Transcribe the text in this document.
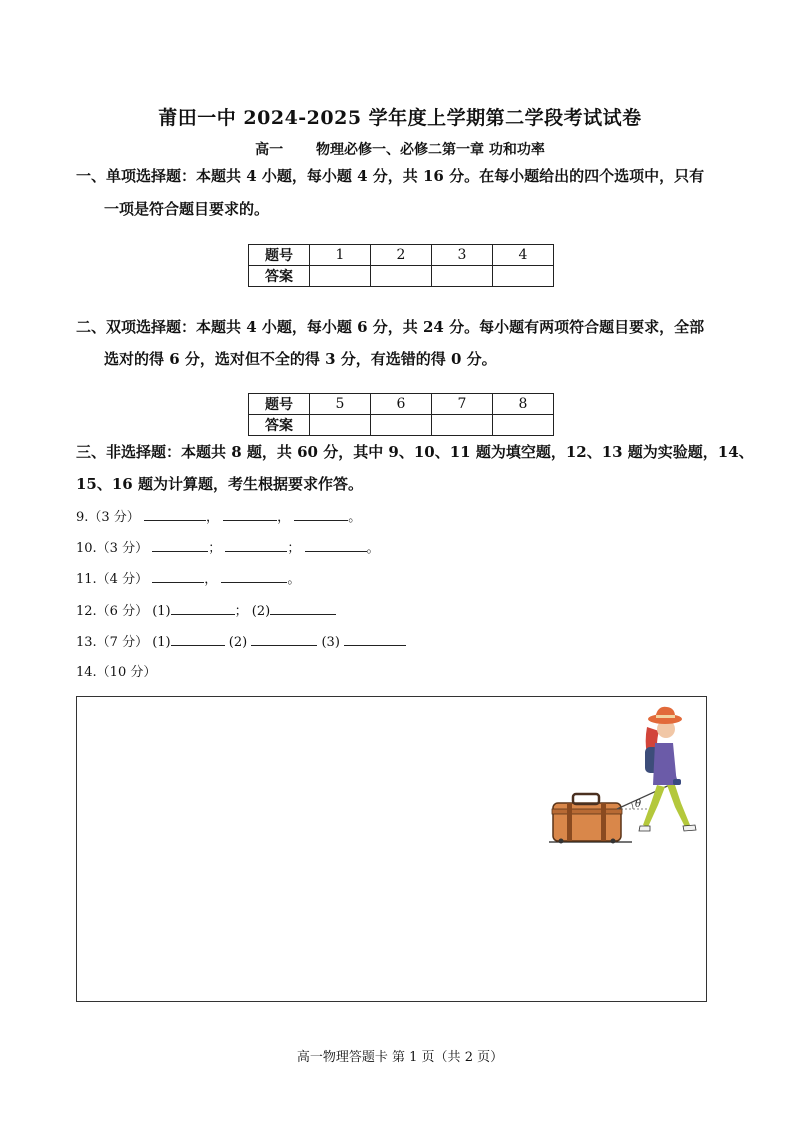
莆田一中 2024-2025 学年度上学期第二学段考试试卷
高一 物理必修一、必修二第一章 功和功率
一、单项选择题：本题共 4 小题，每小题 4 分，共 16 分。在每小题给出的四个选项中，只有
一项是符合题目要求的。
题号	1	2	3	4
答案				
二、双项选择题：本题共 4 小题，每小题 6 分，共 24 分。每小题有两项符合题目要求，全部
选对的得 6 分，选对但不全的得 3 分，有选错的得 0 分。
题号	5	6	7	8
答案				
三、非选择题：本题共 8 题，共 60 分，其中 9、10、11 题为填空题，12、13 题为实验题，14、
15、16 题为计算题，考生根据要求作答。
9.（3 分）	，	，	。
10.（3 分）	；	；	。
11.（4 分）	，	。
12.（6 分） (1)	； (2)
13.（7 分） (1)	(2)	(3)
14.（10 分）
θ
高一物理答题卡 第 1 页（共 2 页）
